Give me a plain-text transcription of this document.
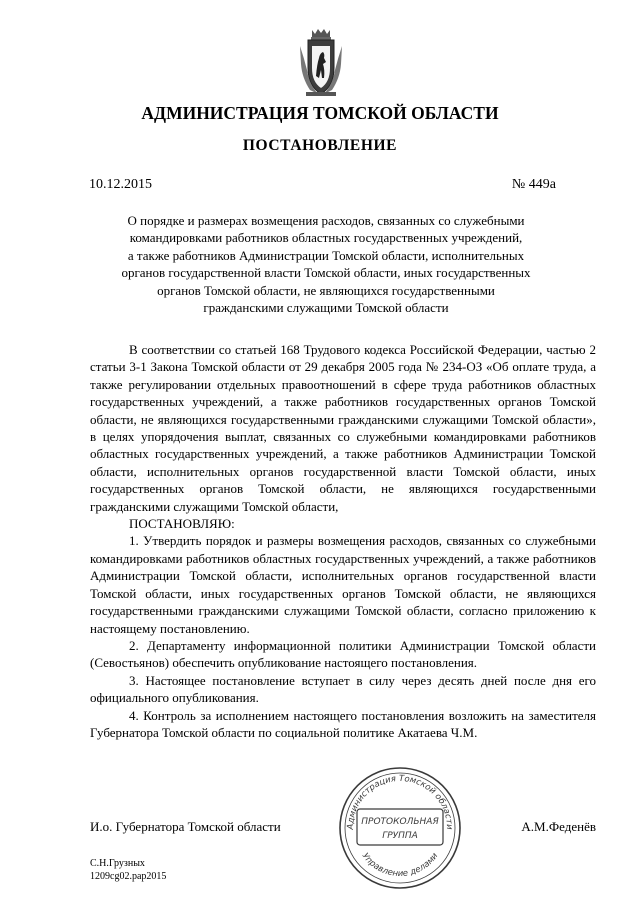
АДМИНИСТРАЦИЯ ТОМСКОЙ ОБЛАСТИ
ПОСТАНОВЛЕНИЕ
10.12.2015	№ 449а
О порядке и размерах возмещения расходов, связанных со служебными
командировками работников областных государственных учреждений,
а также работников Администрации Томской области, исполнительных
органов государственной власти Томской области, иных государственных
органов Томской области, не являющихся государственными
гражданскими служащими Томской области

В соответствии со статьей 168 Трудового кодекса Российской Федерации, частью 2 статьи 3-1 Закона Томской области от 29 декабря 2005 года № 234-ОЗ «Об оплате труда, а также регулировании отдельных правоотношений в сфере труда работников областных государственных учреждений, а также работников государственных органов Томской области, не являющихся государственными гражданскими служащими Томской области», в целях упорядочения выплат, связанных со служебными командировками работников областных государственных учреждений, а также работников Администрации Томской области, исполнительных органов государственной власти Томской области, иных государственных органов Томской области, не являющихся государственными гражданскими служащими Томской области,

ПОСТАНОВЛЯЮ:

1. Утвердить порядок и размеры возмещения расходов, связанных со служебными командировками работников областных государственных учреждений, а также работников Администрации Томской области, исполнительных органов государственной власти Томской области, иных государственных органов Томской области, не являющихся государственными гражданскими служащими Томской области, согласно приложению к настоящему постановлению.

2. Департаменту информационной политики Администрации Томской области (Севостьянов) обеспечить опубликование настоящего постановления.

3. Настоящее постановление вступает в силу через десять дней после дня его официального опубликования.

4. Контроль за исполнением настоящего постановления возложить на заместителя Губернатора Томской области по социальной политике Акатаева Ч.М.

И.о. Губернатора Томской области	А.М.Феденёв
Администрация Томской области
Управление делами
ПРОТОКОЛЬНАЯ
ГРУППА
С.Н.Грузных
1209cg02.pap2015
